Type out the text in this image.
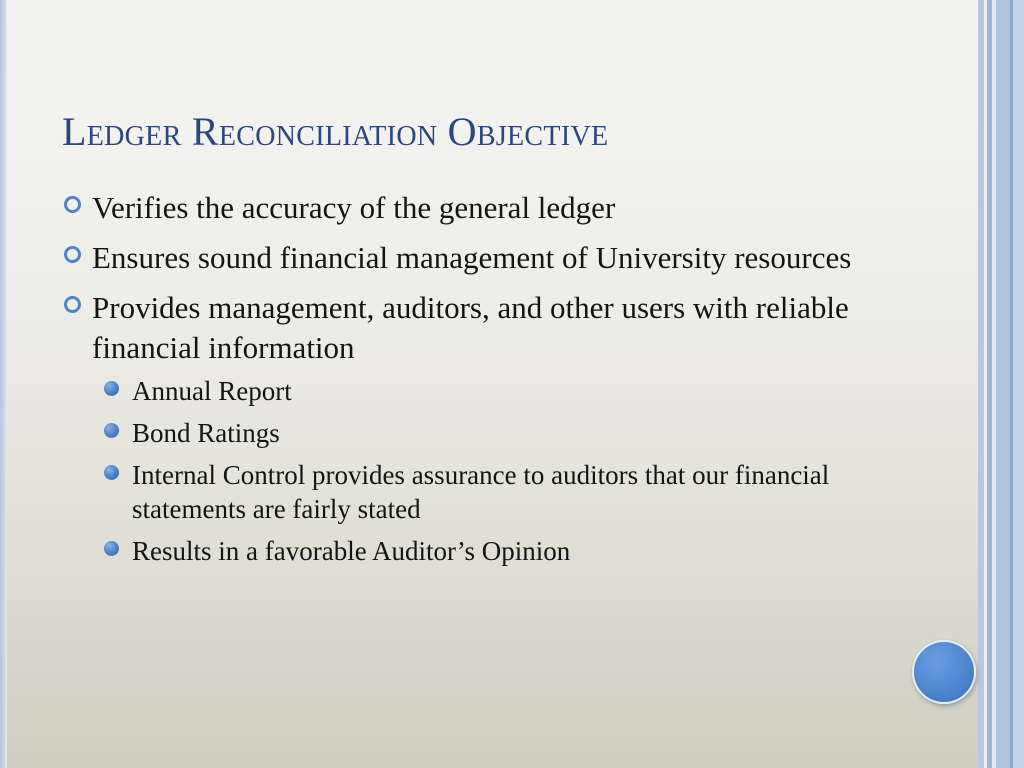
Ledger Reconciliation Objective
Verifies the accuracy of the general ledger
Ensures sound financial management of University resources
Provides management, auditors, and other users with reliable financial information
Annual Report
Bond Ratings
Internal Control provides assurance to auditors that our financial statements are fairly stated
Results in a favorable Auditor’s Opinion
